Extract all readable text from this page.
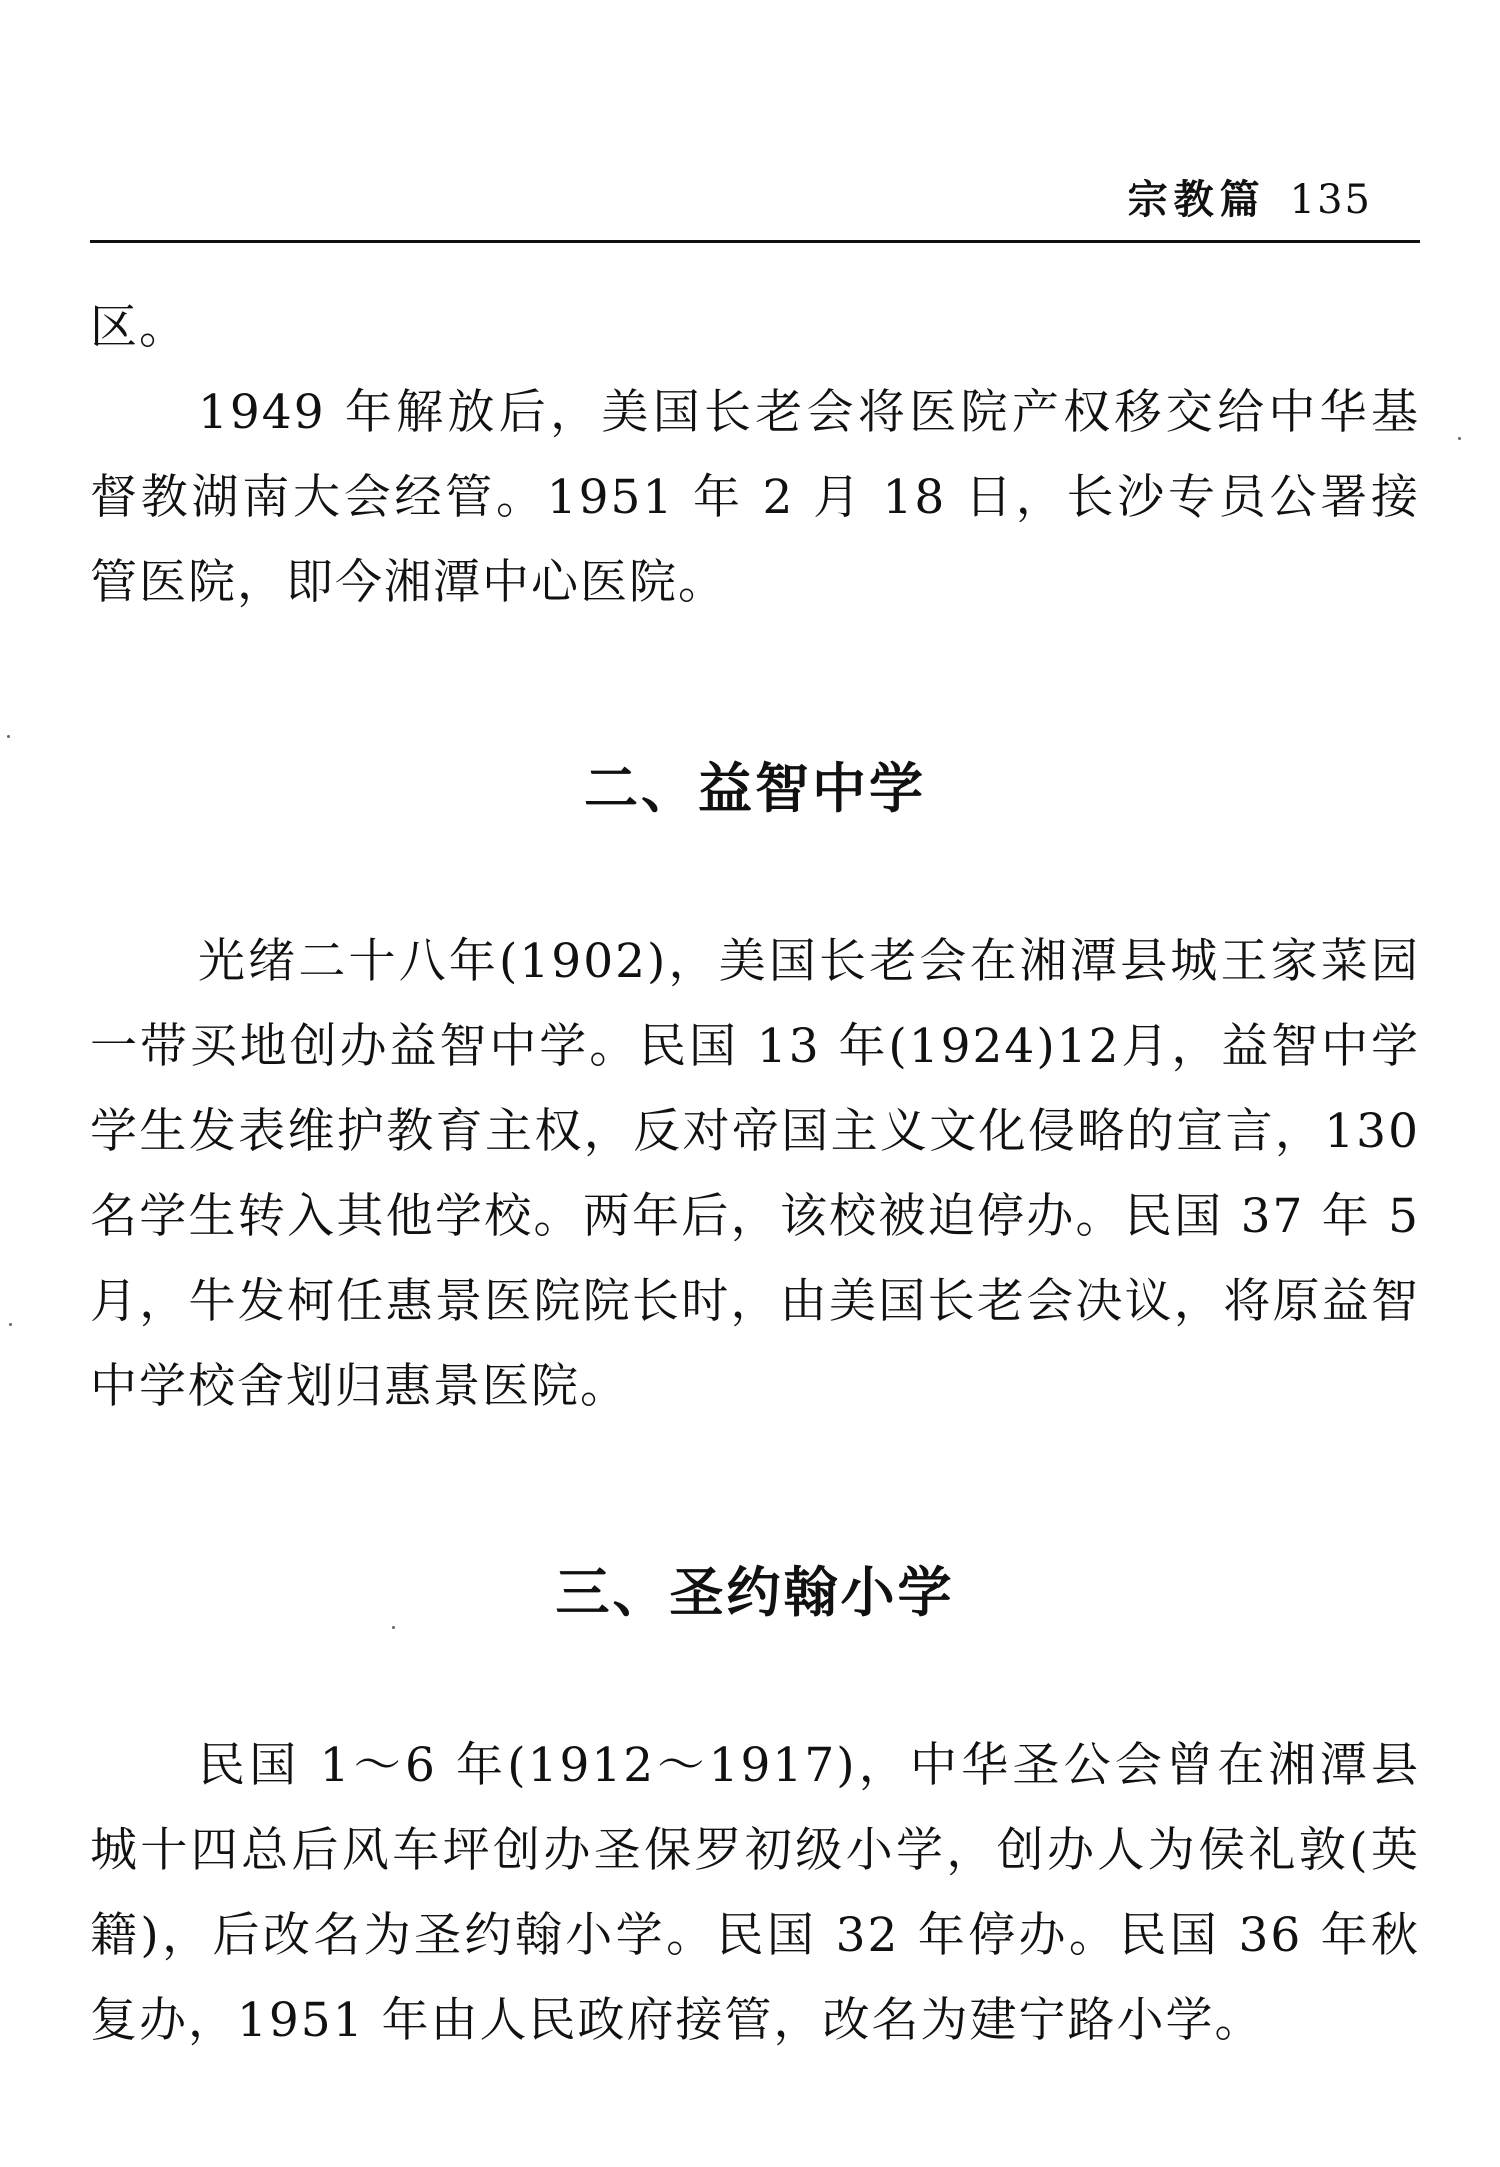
宗教篇 135

区。

1949 年解放后，美国长老会将医院产权移交给中华基督教湖南大会经管。1951 年 2 月 18 日，长沙专员公署接管医院，即今湘潭中心医院。

二、益智中学

光绪二十八年(1902)，美国长老会在湘潭县城王家菜园一带买地创办益智中学。民国 13 年(1924)12月，益智中学学生发表维护教育主权，反对帝国主义文化侵略的宣言，130 名学生转入其他学校。两年后，该校被迫停办。民国 37 年 5 月，牛发柯任惠景医院院长时，由美国长老会决议，将原益智中学校舍划归惠景医院。

三、圣约翰小学

民国 1～6 年(1912～1917)，中华圣公会曾在湘潭县城十四总后风车坪创办圣保罗初级小学，创办人为侯礼敦(英籍)，后改名为圣约翰小学。民国 32 年停办。民国 36 年秋复办，1951 年由人民政府接管，改名为建宁路小学。
